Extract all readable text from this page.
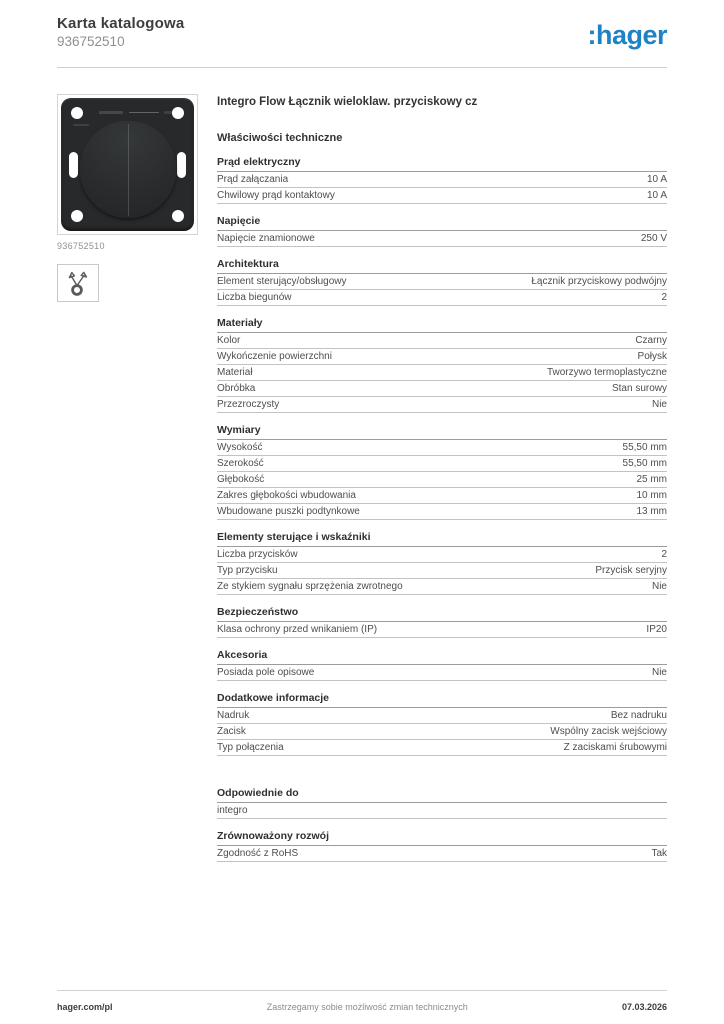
Karta katalogowa
936752510	:hager
936752510
Integro Flow Łącznik wieloklaw. przyciskowy cz
Właściwości techniczne
Prąd elektryczny
Prąd załączania	10 A
Chwilowy prąd kontaktowy	10 A
Napięcie
Napięcie znamionowe	250 V
Architektura
Element sterujący/obsługowy	Łącznik przyciskowy podwójny
Liczba biegunów	2
Materiały
Kolor	Czarny
Wykończenie powierzchni	Połysk
Materiał	Tworzywo termoplastyczne
Obróbka	Stan surowy
Przezroczysty	Nie
Wymiary
Wysokość	55,50 mm
Szerokość	55,50 mm
Głębokość	25 mm
Zakres głębokości wbudowania	10 mm
Wbudowane puszki podtynkowe	13 mm
Elementy sterujące i wskaźniki
Liczba przycisków	2
Typ przycisku	Przycisk seryjny
Ze stykiem sygnału sprzężenia zwrotnego	Nie
Bezpieczeństwo
Klasa ochrony przed wnikaniem (IP)	IP20
Akcesoria
Posiada pole opisowe	Nie
Dodatkowe informacje
Nadruk	Bez nadruku
Zacisk	Wspólny zacisk wejściowy
Typ połączenia	Z zaciskami śrubowymi
Odpowiednie do
integro
Zrównoważony rozwój
Zgodność z RoHS	Tak
hager.com/pl	Zastrzegamy sobie możliwość zmian technicznych	07.03.2026
